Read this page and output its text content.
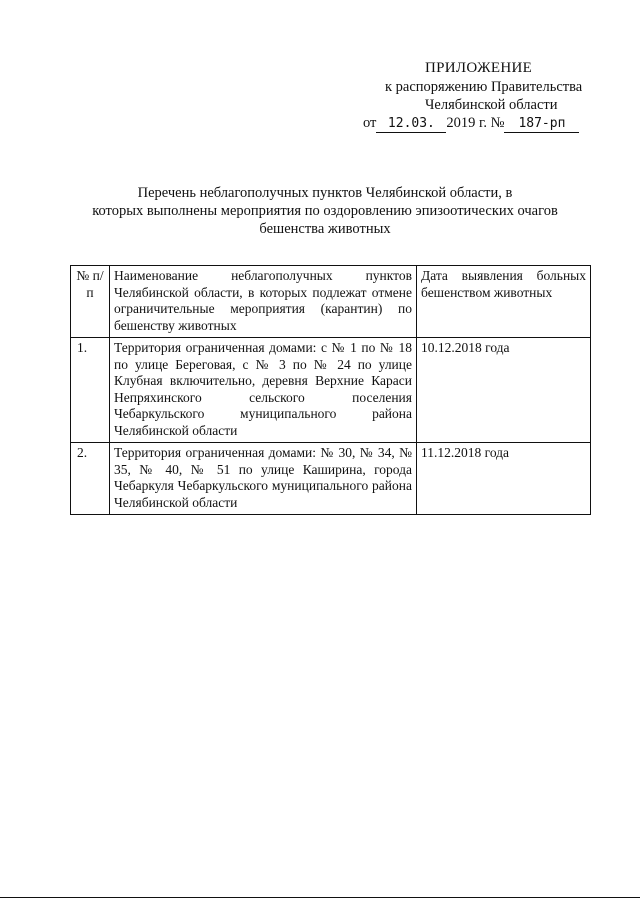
ПРИЛОЖЕНИЕ
к распоряжению Правительства
Челябинской области
от 12.03. 2019 г. № 187-рп
Перечень неблагополучных пунктов Челябинской области, в
которых выполнены мероприятия по оздоровлению эпизоотических очагов
бешенства животных
№ п/п	Наименование неблагополучных пунктов Челябинской области, в которых подлежат отмене ограничительные мероприятия (карантин) по бешенству животных	Дата выявления больных бешенством животных
1.	Территория ограниченная домами: с № 1 по № 18 по улице Береговая, с № 3 по № 24 по улице Клубная включительно, деревня Верхние Караси Непряхинского сельского поселения Чебаркульского муниципального района Челябинской области	10.12.2018 года
2.	Территория ограниченная домами: № 30, № 34, № 35, № 40, № 51 по улице Каширина, города Чебаркуля Чебаркульского муниципального района Челябинской области	11.12.2018 года
